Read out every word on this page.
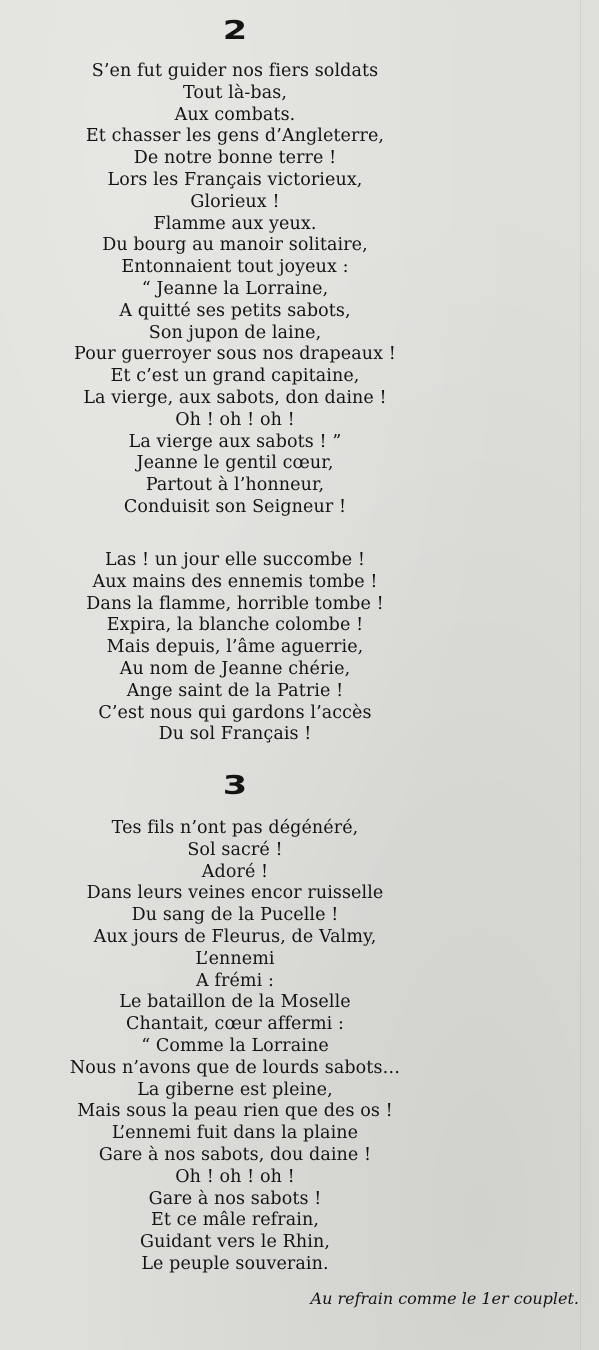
2
S’en fut guider nos fiers soldats
Tout là-bas,
Aux combats.
Et chasser les gens d’Angleterre,
De notre bonne terre !
Lors les Français victorieux,
Glorieux !
Flamme aux yeux.
Du bourg au manoir solitaire,
Entonnaient tout joyeux :
“ Jeanne la Lorraine,
A quitté ses petits sabots,
Son jupon de laine,
Pour guerroyer sous nos drapeaux !
Et c’est un grand capitaine,
La vierge, aux sabots, don daine !
Oh ! oh ! oh !
La vierge aux sabots ! ”
Jeanne le gentil cœur,
Partout à l’honneur,
Conduisit son Seigneur !
Las ! un jour elle succombe !
Aux mains des ennemis tombe !
Dans la flamme, horrible tombe !
Expira, la blanche colombe !
Mais depuis, l’âme aguerrie,
Au nom de Jeanne chérie,
Ange saint de la Patrie !
C’est nous qui gardons l’accès
Du sol Français !
3
Tes fils n’ont pas dégénéré,
Sol sacré !
Adoré !
Dans leurs veines encor ruisselle
Du sang de la Pucelle !
Aux jours de Fleurus, de Valmy,
L’ennemi
A frémi :
Le bataillon de la Moselle
Chantait, cœur affermi :
“ Comme la Lorraine
Nous n’avons que de lourds sabots…
La giberne est pleine,
Mais sous la peau rien que des os !
L’ennemi fuit dans la plaine
Gare à nos sabots, dou daine !
Oh ! oh ! oh !
Gare à nos sabots !
Et ce mâle refrain,
Guidant vers le Rhin,
Le peuple souverain.
Au refrain comme le 1er couplet.
